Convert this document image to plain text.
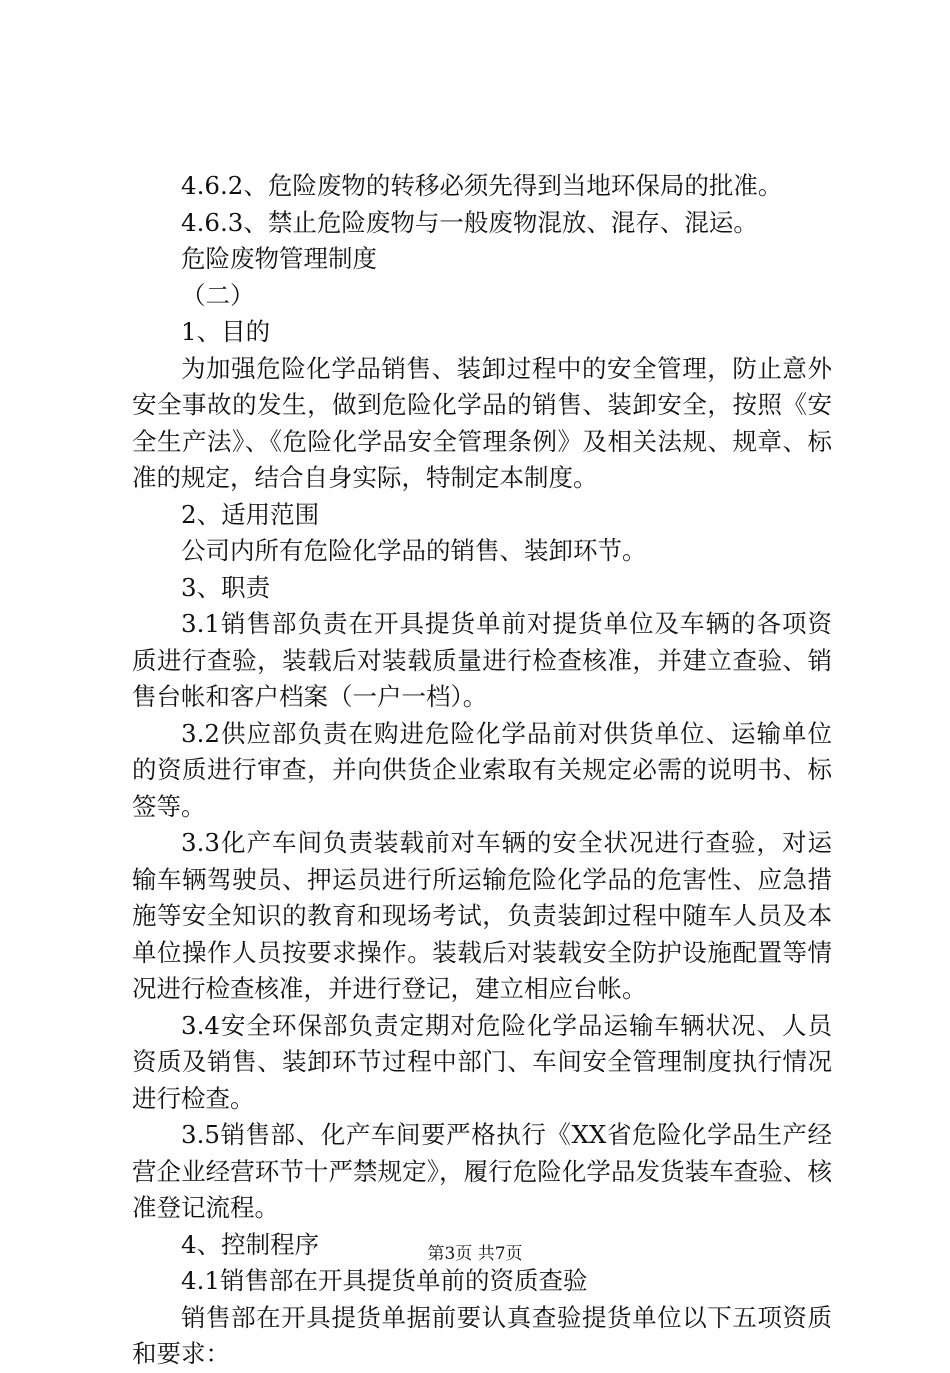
4.6.2、危险废物的转移必须先得到当地环保局的批准。

4.6.3、禁止危险废物与一般废物混放、混存、混运。

危险废物管理制度

（二）

1、目的

为加强危险化学品销售、装卸过程中的安全管理，防止意外安全事故的发生，做到危险化学品的销售、装卸安全，按照《安全生产法》、《危险化学品安全管理条例》及相关法规、规章、标准的规定，结合自身实际，特制定本制度。

2、适用范围

公司内所有危险化学品的销售、装卸环节。

3、职责

3.1销售部负责在开具提货单前对提货单位及车辆的各项资质进行查验，装载后对装载质量进行检查核准，并建立查验、销售台帐和客户档案（一户一档）。

3.2供应部负责在购进危险化学品前对供货单位、运输单位的资质进行审查，并向供货企业索取有关规定必需的说明书、标签等。

3.3化产车间负责装载前对车辆的安全状况进行查验，对运输车辆驾驶员、押运员进行所运输危险化学品的危害性、应急措施等安全知识的教育和现场考试，负责装卸过程中随车人员及本单位操作人员按要求操作。装载后对装载安全防护设施配置等情况进行检查核准，并进行登记，建立相应台帐。

3.4安全环保部负责定期对危险化学品运输车辆状况、人员资质及销售、装卸环节过程中部门、车间安全管理制度执行情况进行检查。

3.5销售部、化产车间要严格执行《XX省危险化学品生产经营企业经营环节十严禁规定》，履行危险化学品发货装车查验、核准登记流程。

4、控制程序

4.1销售部在开具提货单前的资质查验

销售部在开具提货单据前要认真查验提货单位以下五项资质和要求：

第3页 共7页
